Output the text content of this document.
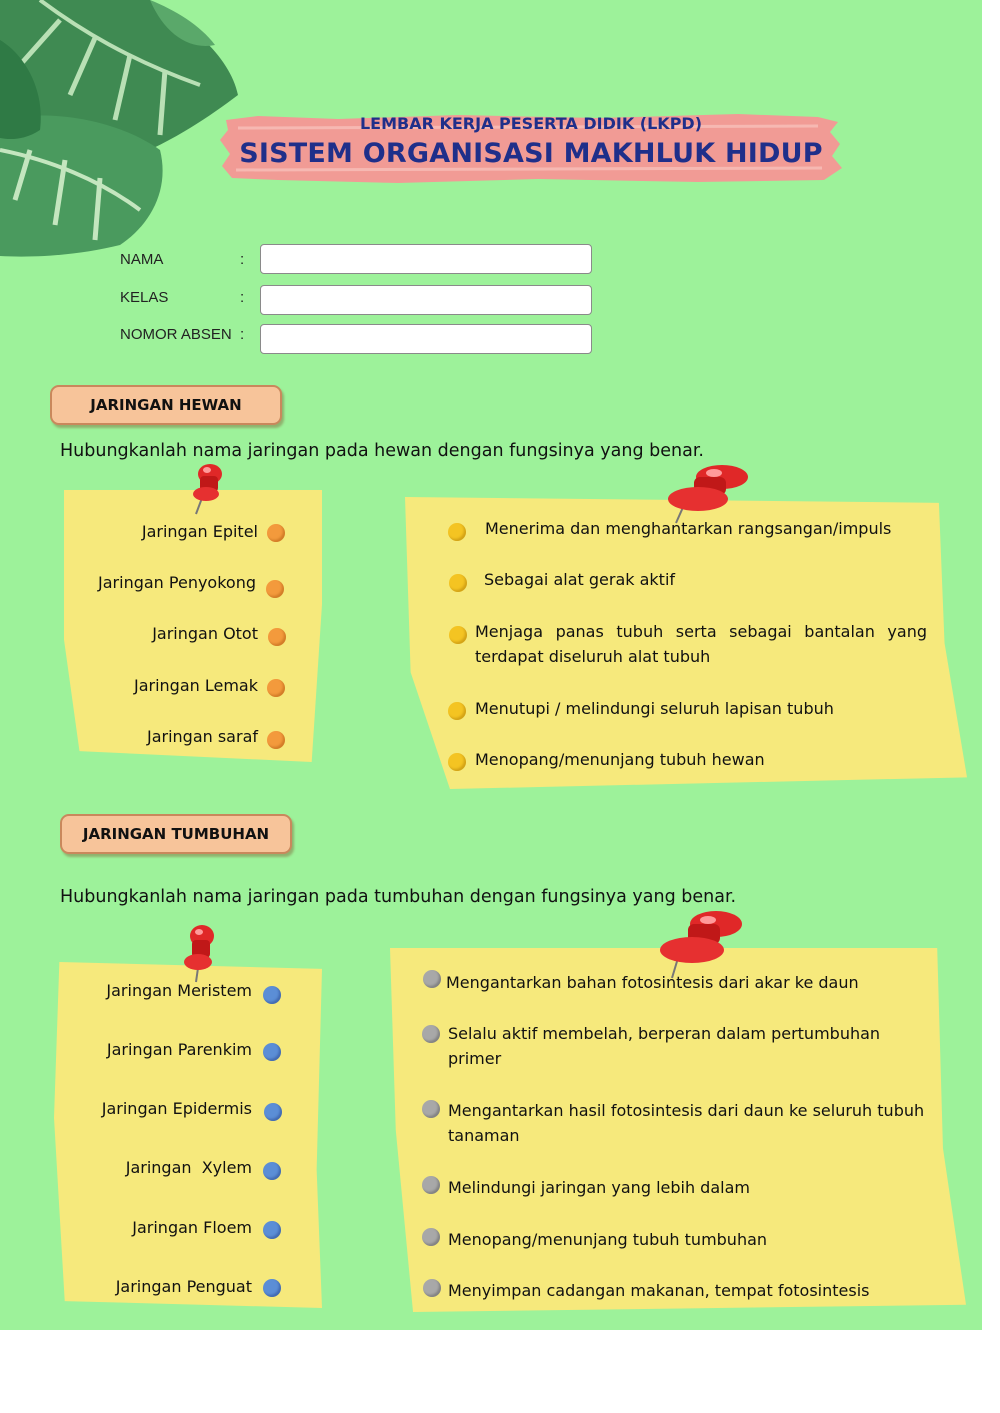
LEMBAR KERJA PESERTA DIDIK (LKPD)
SISTEM ORGANISASI MAKHLUK HIDUP
NAMA	:
KELAS	:
NOMOR ABSEN :
JARINGAN HEWAN
Hubungkanlah nama jaringan pada hewan dengan fungsinya yang benar.
Jaringan Epitel
Jaringan Penyokong
Jaringan Otot
Jaringan Lemak
Jaringan saraf
Menerima dan menghantarkan rangsangan/impuls
Sebagai alat gerak aktif
Menjaga panas tubuh serta sebagai bantalan yang terdapat diseluruh alat tubuh
Menutupi / melindungi seluruh lapisan tubuh
Menopang/menunjang tubuh hewan
JARINGAN TUMBUHAN
Hubungkanlah nama jaringan pada tumbuhan dengan fungsinya yang benar.
Jaringan Meristem
Jaringan Parenkim
Jaringan Epidermis
Jaringan  Xylem
Jaringan Floem
Jaringan Penguat
Mengantarkan bahan fotosintesis dari akar ke daun
Selalu aktif membelah, berperan dalam pertumbuhan primer
Mengantarkan hasil fotosintesis dari daun ke seluruh tubuh tanaman
Melindungi jaringan yang lebih dalam
Menopang/menunjang tubuh tumbuhan
Menyimpan cadangan makanan, tempat fotosintesis
